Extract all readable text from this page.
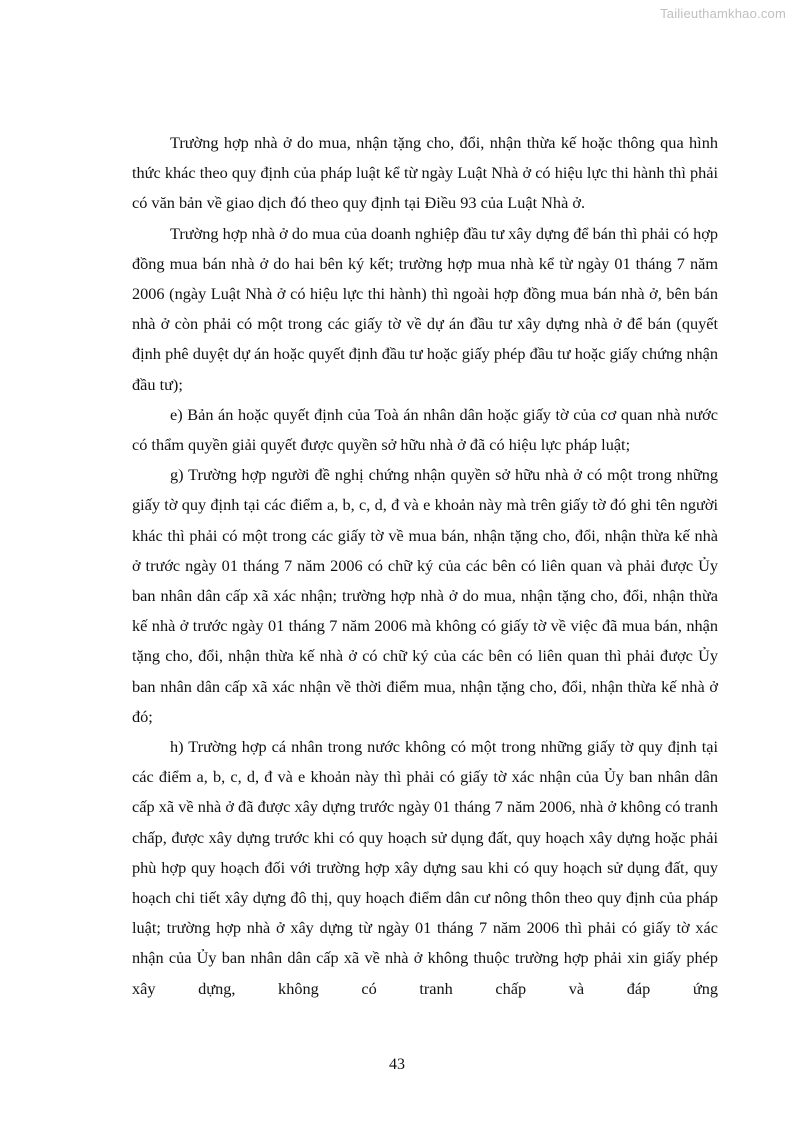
Tailieuthamkhao.com

Trường hợp nhà ở do mua, nhận tặng cho, đổi, nhận thừa kế hoặc thông qua hình thức khác theo quy định của pháp luật kể từ ngày Luật Nhà ở có hiệu lực thi hành thì phải có văn bản về giao dịch đó theo quy định tại Điều 93 của Luật Nhà ở.

Trường hợp nhà ở do mua của doanh nghiệp đầu tư xây dựng để bán thì phải có hợp đồng mua bán nhà ở do hai bên ký kết; trường hợp mua nhà kể từ ngày 01 tháng 7 năm 2006 (ngày Luật Nhà ở có hiệu lực thi hành) thì ngoài hợp đồng mua bán nhà ở, bên bán nhà ở còn phải có một trong các giấy tờ về dự án đầu tư xây dựng nhà ở để bán (quyết định phê duyệt dự án hoặc quyết định đầu tư hoặc giấy phép đầu tư hoặc giấy chứng nhận đầu tư);

e) Bản án hoặc quyết định của Toà án nhân dân hoặc giấy tờ của cơ quan nhà nước có thẩm quyền giải quyết được quyền sở hữu nhà ở đã có hiệu lực pháp luật;

g) Trường hợp người đề nghị chứng nhận quyền sở hữu nhà ở có một trong những giấy tờ quy định tại các điểm a, b, c, d, đ và e khoản này mà trên giấy tờ đó ghi tên người khác thì phải có một trong các giấy tờ về mua bán, nhận tặng cho, đổi, nhận thừa kế nhà ở trước ngày 01 tháng 7 năm 2006 có chữ ký của các bên có liên quan và phải được Ủy ban nhân dân cấp xã xác nhận; trường hợp nhà ở do mua, nhận tặng cho, đổi, nhận thừa kế nhà ở trước ngày 01 tháng 7 năm 2006 mà không có giấy tờ về việc đã mua bán, nhận tặng cho, đổi, nhận thừa kế nhà ở có chữ ký của các bên có liên quan thì phải được Ủy ban nhân dân cấp xã xác nhận về thời điểm mua, nhận tặng cho, đổi, nhận thừa kế nhà ở đó;

h) Trường hợp cá nhân trong nước không có một trong những giấy tờ quy định tại các điểm a, b, c, d, đ và e khoản này thì phải có giấy tờ xác nhận của Ủy ban nhân dân cấp xã về nhà ở đã được xây dựng trước ngày 01 tháng 7 năm 2006, nhà ở không có tranh chấp, được xây dựng trước khi có quy hoạch sử dụng đất, quy hoạch xây dựng hoặc phải phù hợp quy hoạch đối với trường hợp xây dựng sau khi có quy hoạch sử dụng đất, quy hoạch chi tiết xây dựng đô thị, quy hoạch điểm dân cư nông thôn theo quy định của pháp luật; trường hợp nhà ở xây dựng từ ngày 01 tháng 7 năm 2006 thì phải có giấy tờ xác nhận của Ủy ban nhân dân cấp xã về nhà ở không thuộc trường hợp phải xin giấy phép xây dựng, không có tranh chấp và đáp ứng

43
